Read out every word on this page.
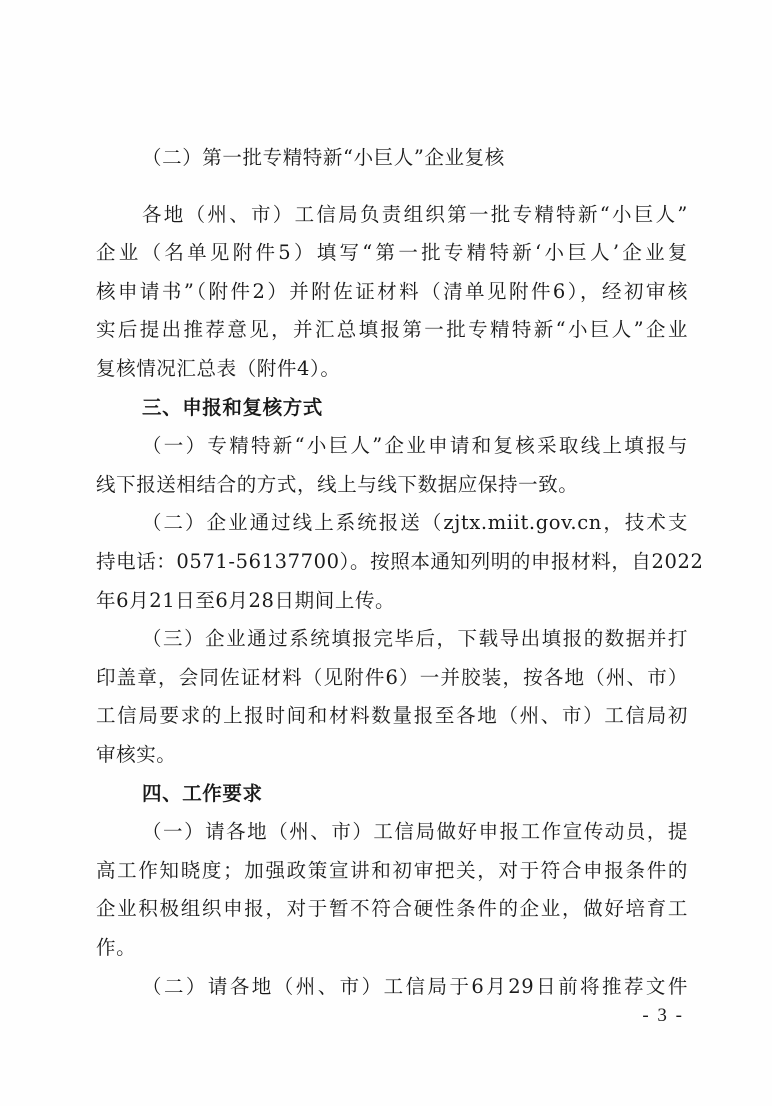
（二）第一批专精特新“小巨人”企业复核
各地（州、市）工信局负责组织第一批专精特新“小巨人”
企业（名单见附件5）填写“第一批专精特新‘小巨人’企业复
核申请书”（附件2）并附佐证材料（清单见附件6），经初审核
实后提出推荐意见，并汇总填报第一批专精特新“小巨人”企业
复核情况汇总表（附件4）。
三、申报和复核方式
（一）专精特新“小巨人”企业申请和复核采取线上填报与
线下报送相结合的方式，线上与线下数据应保持一致。
（二）企业通过线上系统报送（zjtx.miit.gov.cn，技术支
持电话：0571-56137700）。按照本通知列明的申报材料，自2022
年6月21日至6月28日期间上传。
（三）企业通过系统填报完毕后，下载导出填报的数据并打
印盖章，会同佐证材料（见附件6）一并胶装，按各地（州、市）
工信局要求的上报时间和材料数量报至各地（州、市）工信局初
审核实。
四、工作要求
（一）请各地（州、市）工信局做好申报工作宣传动员，提
高工作知晓度；加强政策宣讲和初审把关，对于符合申报条件的
企业积极组织申报，对于暂不符合硬性条件的企业，做好培育工
作。
（二）请各地（州、市）工信局于6月29日前将推荐文件
- 3 -
